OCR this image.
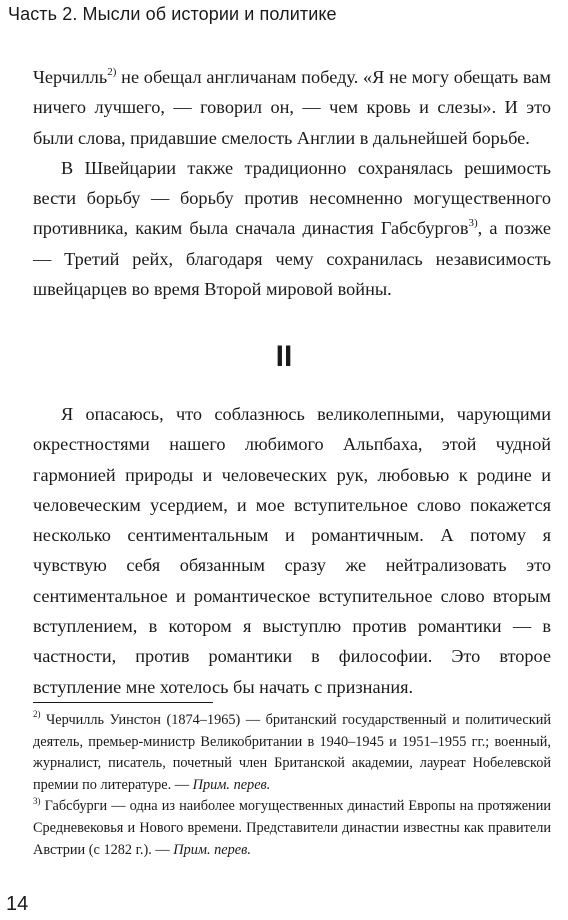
Часть 2. Мысли об истории и политике

Черчилль$^{2)}$ не обещал англичанам победу. «Я не могу обещать вам ничего лучшего, — говорил он, — чем кровь и слезы». И это были слова, придавшие смелость Англии в дальнейшей борьбе.

В Швейцарии также традиционно сохранялась решимость вести борьбу — борьбу против несомненно могущественного противника, каким была сначала династия Габсбургов$^{3)}$, а позже — Третий рейх, благодаря чему сохранилась независимость швейцарцев во время Второй мировой войны.

II

Я опасаюсь, что соблазнюсь великолепными, чарующими окрестностями нашего любимого Альпбаха, этой чудной гармонией природы и человеческих рук, любовью к родине и человеческим усердием, и мое вступительное слово покажется несколько сентиментальным и романтичным. А потому я чувствую себя обязанным сразу же нейтрализовать это сентиментальное и романтическое вступительное слово вторым вступлением, в котором я выступлю против романтики — в частности, против романтики в философии. Это второе вступление мне хотелось бы начать с признания.

$^{2)}$ Черчилль Уинстон (1874–1965) — британский государственный и политический деятель, премьер-министр Великобритании в 1940–1945 и 1951–1955 гг.; военный, журналист, писатель, почетный член Британской академии, лауреат Нобелевской премии по литературе. — Прим. перев.

$^{3)}$ Габсбурги — одна из наиболее могущественных династий Европы на протяжении Средневековья и Нового времени. Представители династии известны как правители Австрии (с 1282 г.). — Прим. перев.

14
